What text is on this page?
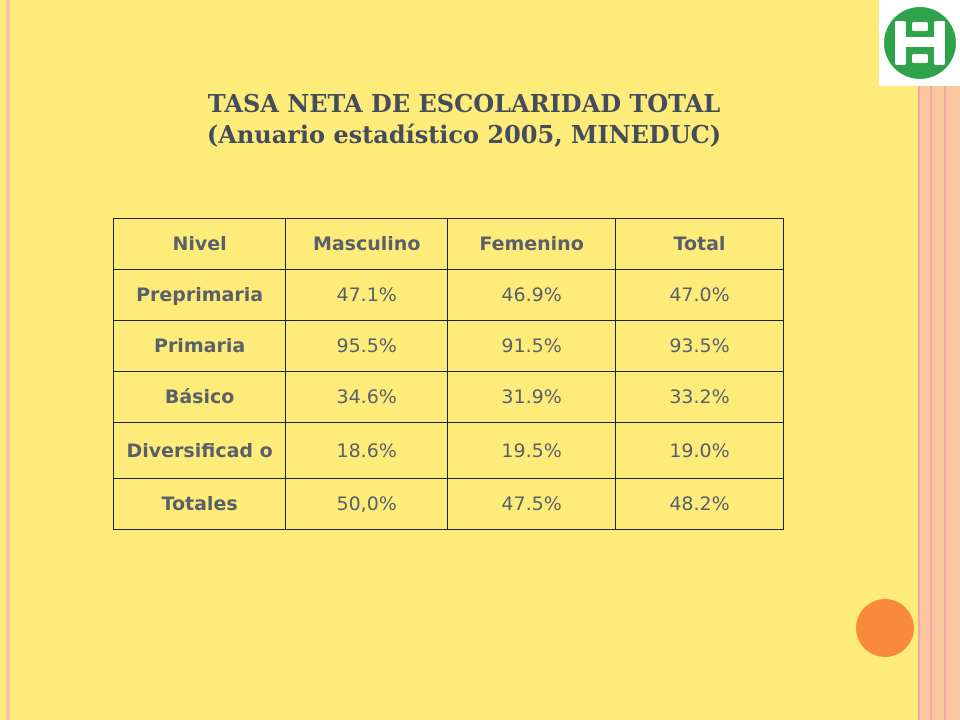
TASA NETA DE ESCOLARIDAD TOTAL
(Anuario estadístico 2005, MINEDUC)
Nivel	Masculino	Femenino	Total
Preprimaria	47.1%	46.9%	47.0%
Primaria	95.5%	91.5%	93.5%
Básico	34.6%	31.9%	33.2%
Diversificad o	18.6%	19.5%	19.0%
Totales	50,0%	47.5%	48.2%
